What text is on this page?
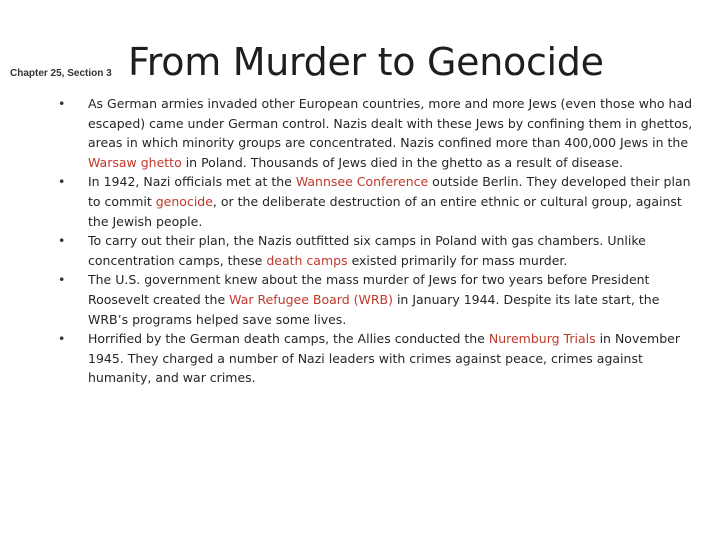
Chapter 25, Section 3 From Murder to Genocide
• As German armies invaded other European countries, more and more Jews (even those who had escaped) came under German control. Nazis dealt with these Jews by confining them in ghettos, areas in which minority groups are concentrated. Nazis confined more than 400,000 Jews in the Warsaw ghetto in Poland. Thousands of Jews died in the ghetto as a result of disease.
• In 1942, Nazi officials met at the Wannsee Conference outside Berlin. They developed their plan to commit genocide, or the deliberate destruction of an entire ethnic or cultural group, against the Jewish people.
• To carry out their plan, the Nazis outfitted six camps in Poland with gas chambers. Unlike concentration camps, these death camps existed primarily for mass murder.
• The U.S. government knew about the mass murder of Jews for two years before President Roosevelt created the War Refugee Board (WRB) in January 1944. Despite its late start, the WRB’s programs helped save some lives.
• Horrified by the German death camps, the Allies conducted the Nuremburg Trials in November 1945. They charged a number of Nazi leaders with crimes against peace, crimes against humanity, and war crimes.
